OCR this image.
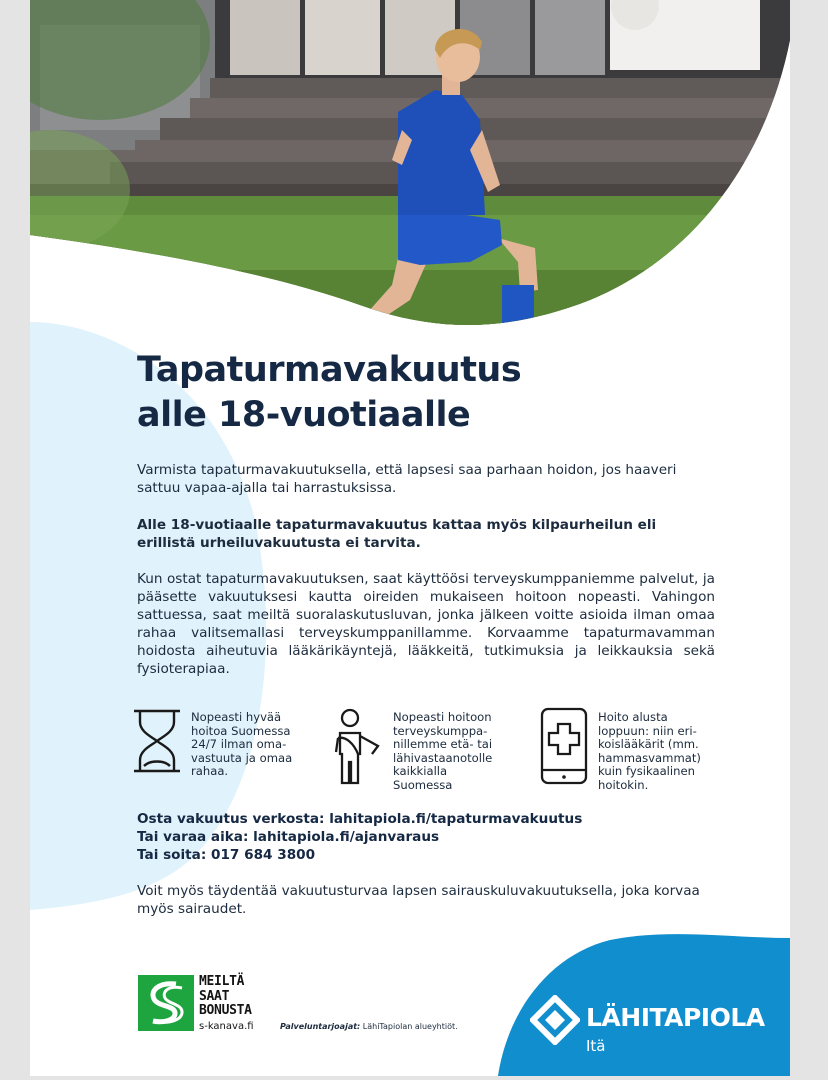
Tapaturmavakuutus
alle 18-vuotiaalle

Varmista tapaturmavakuutuksella, että lapsesi saa parhaan hoidon, jos haaveri sattuu vapaa-ajalla tai harrastuksissa.

Alle 18-vuotiaalle tapaturmavakuutus kattaa myös kilpaurheilun eli erillistä urheiluvakuutusta ei tarvita.

Kun ostat tapaturmavakuutuksen, saat käyttöösi terveyskumppaniemme palvelut, ja pääsette vakuutuksesi kautta oireiden mukaiseen hoitoon nopeasti. Vahingon sattuessa, saat meiltä suoralaskutusluvan, jonka jälkeen voitte asioida ilman omaa rahaa valitsemallasi terveyskumppanillamme. Korvaamme tapaturmavamman hoidosta aiheutuvia lääkärikäyntejä, lääkkeitä, tutkimuksia ja leikkauksia sekä fysioterapiaa.

Nopeasti hyvää
hoitoa Suomessa
24/7 ilman oma-
vastuuta ja omaa
rahaa.

Nopeasti hoitoon
terveyskumppa-
nillemme etä- tai
lähivastaanotolle
kaikkialla
Suomessa

Hoito alusta
loppuun: niin eri-
koislääkärit (mm.
hammasvammat)
kuin fysikaalinen
hoitokin.

Osta vakuutus verkosta: lahitapiola.fi/tapaturmavakuutus

Tai varaa aika: lahitapiola.fi/ajanvaraus

Tai soita: 017 684 3800

Voit myös täydentää vakuutusturvaa lapsen sairauskuluvakuutuksella, joka korvaa myös sairaudet.

MEILTÄ
SAAT
BONUSTA

s-kanava.fi	Palveluntarjoajat: LähiTapiolan alueyhtiöt.	LÄHITAPIOLA
Itä
